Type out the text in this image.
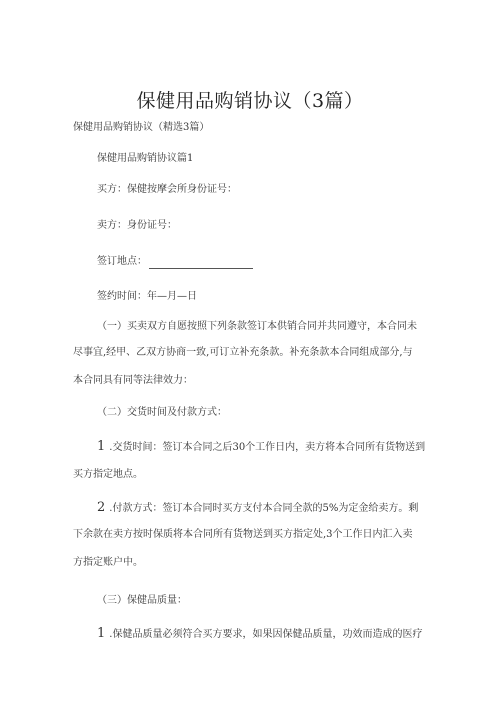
保健用品购销协议（3篇）
保健用品购销协议（精选3篇）
保健用品购销协议篇1
买方：保健按摩会所身份证号：
卖方：身份证号：
签订地点：
签约时间：年—月—日
（一）买卖双方自愿按照下列条款签订本供销合同并共同遵守，本合同未
尽事宜,经甲、乙双方协商一致,可订立补充条款。补充条款本合同组成部分,与
本合同具有同等法律效力：
（二）交货时间及付款方式：
1 .交货时间：签订本合同之后30个工作日内，卖方将本合同所有货物送到
买方指定地点。
2 .付款方式：签订本合同时买方支付本合同全款的5%为定金给卖方。剩
下余款在卖方按时保质将本合同所有货物送到买方指定处,3个工作日内汇入卖
方指定账户中。
（三）保健品质量：
1 .保健品质量必须符合买方要求，如果因保健品质量，功效而造成的医疗
